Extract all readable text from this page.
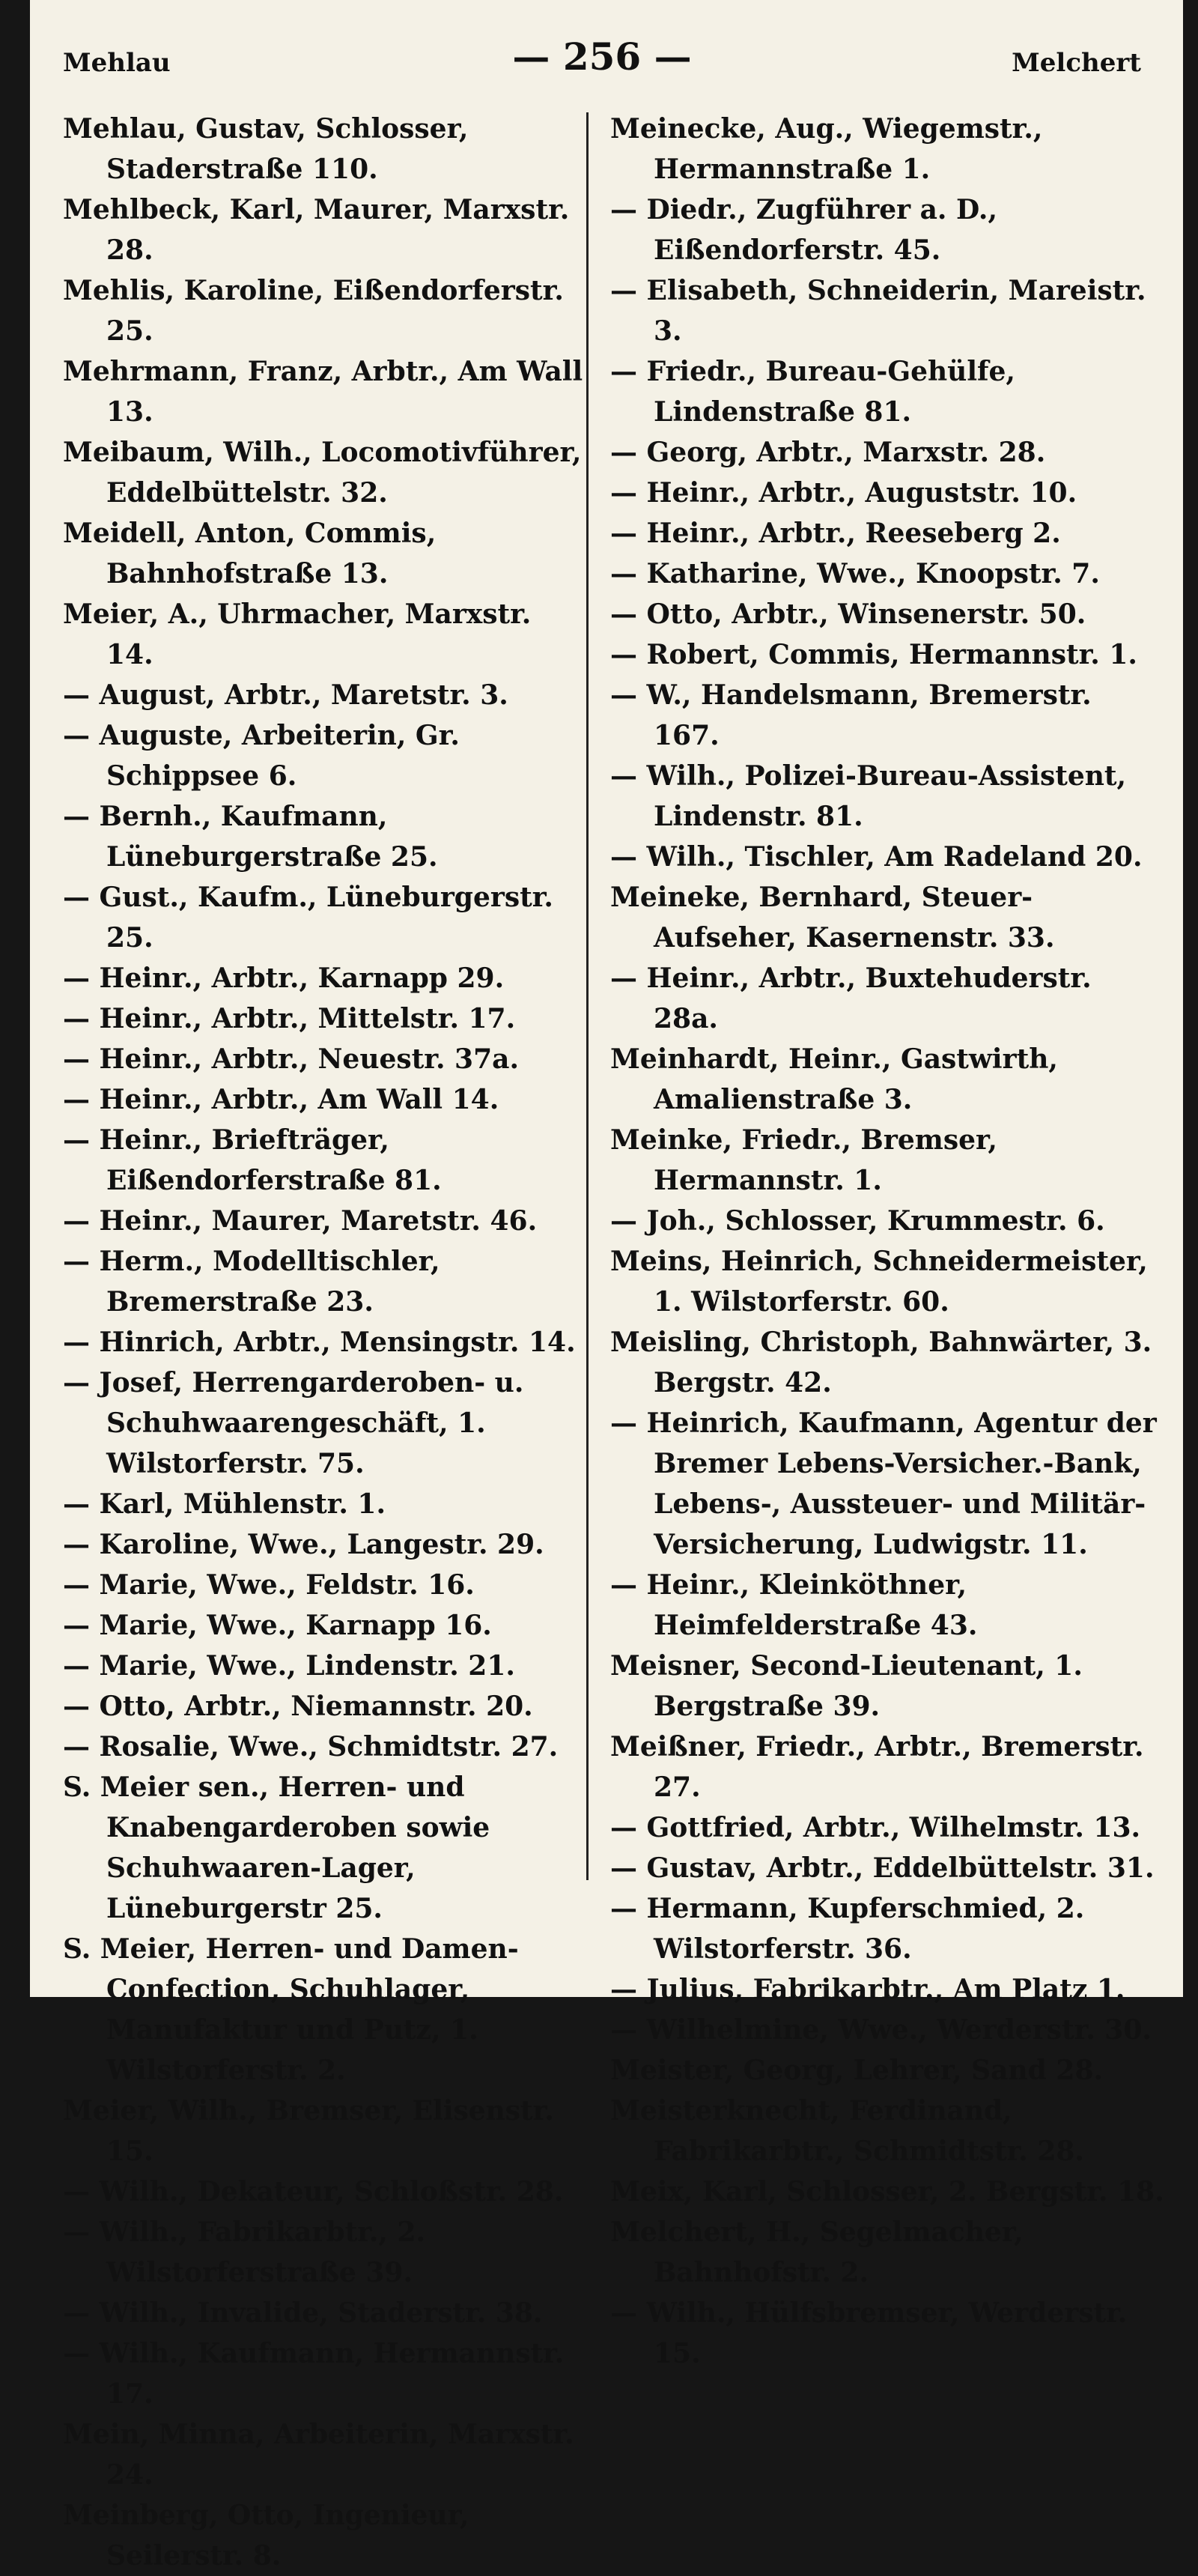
Mehlau	— 256 —	Melchert
Mehlau, Gustav, Schlosser, Staderstraße 110.
Mehlbeck, Karl, Maurer, Marxstr. 28.
Mehlis, Karoline, Eißendorferstr. 25.
Mehrmann, Franz, Arbtr., Am Wall 13.
Meibaum, Wilh., Locomotivführer, Eddelbüttelstr. 32.
Meidell, Anton, Commis, Bahnhofstraße 13.
Meier, A., Uhrmacher, Marxstr. 14.
— August, Arbtr., Maretstr. 3.
— Auguste, Arbeiterin, Gr. Schippsee 6.
— Bernh., Kaufmann, Lüneburgerstraße 25.
— Gust., Kaufm., Lüneburgerstr. 25.
— Heinr., Arbtr., Karnapp 29.
— Heinr., Arbtr., Mittelstr. 17.
— Heinr., Arbtr., Neuestr. 37a.
— Heinr., Arbtr., Am Wall 14.
— Heinr., Briefträger, Eißendorferstraße 81.
— Heinr., Maurer, Maretstr. 46.
— Herm., Modelltischler, Bremerstraße 23.
— Hinrich, Arbtr., Mensingstr. 14.
— Josef, Herrengarderoben- u. Schuhwaarengeschäft, 1. Wilstorferstr. 75.
— Karl, Mühlenstr. 1.
— Karoline, Wwe., Langestr. 29.
— Marie, Wwe., Feldstr. 16.
— Marie, Wwe., Karnapp 16.
— Marie, Wwe., Lindenstr. 21.
— Otto, Arbtr., Niemannstr. 20.
— Rosalie, Wwe., Schmidtstr. 27.
S. Meier sen., Herren- und Knabengarderoben sowie Schuhwaaren-Lager, Lüneburgerstr 25.
S. Meier, Herren- und Damen-Confection, Schuhlager, Manufaktur und Putz, 1. Wilstorferstr. 2.
Meier, Wilh., Bremser, Elisenstr. 15.
— Wilh., Dekateur, Schloßstr. 28.
— Wilh., Fabrikarbtr., 2. Wilstorferstraße 39.
— Wilh., Invalide, Staderstr. 38.
— Wilh., Kaufmann, Hermannstr. 17.
Mein, Minna, Arbeiterin, Marxstr. 24.
Meinberg, Otto, Ingenieur, Seilerstr. 8.
Meinecke, Aug., Wiegemstr., Hermannstraße 1.
— Diedr., Zugführer a. D., Eißendorferstr. 45.
— Elisabeth, Schneiderin, Mareistr. 3.
— Friedr., Bureau-Gehülfe, Lindenstraße 81.
— Georg, Arbtr., Marxstr. 28.
— Heinr., Arbtr., Auguststr. 10.
— Heinr., Arbtr., Reeseberg 2.
— Katharine, Wwe., Knoopstr. 7.
— Otto, Arbtr., Winsenerstr. 50.
— Robert, Commis, Hermannstr. 1.
— W., Handelsmann, Bremerstr. 167.
— Wilh., Polizei-Bureau-Assistent, Lindenstr. 81.
— Wilh., Tischler, Am Radeland 20.
Meineke, Bernhard, Steuer-Aufseher, Kasernenstr. 33.
— Heinr., Arbtr., Buxtehuderstr. 28a.
Meinhardt, Heinr., Gastwirth, Amalienstraße 3.
Meinke, Friedr., Bremser, Hermannstr. 1.
— Joh., Schlosser, Krummestr. 6.
Meins, Heinrich, Schneidermeister, 1. Wilstorferstr. 60.
Meisling, Christoph, Bahnwärter, 3. Bergstr. 42.
— Heinrich, Kaufmann, Agentur der Bremer Lebens-Versicher.-Bank, Lebens-, Aussteuer- und Militär-Versicherung, Ludwigstr. 11.
— Heinr., Kleinköthner, Heimfelderstraße 43.
Meisner, Second-Lieutenant, 1. Bergstraße 39.
Meißner, Friedr., Arbtr., Bremerstr. 27.
— Gottfried, Arbtr., Wilhelmstr. 13.
— Gustav, Arbtr., Eddelbüttelstr. 31.
— Hermann, Kupferschmied, 2. Wilstorferstr. 36.
— Julius, Fabrikarbtr., Am Platz 1.
— Wilhelmine, Wwe., Werderstr. 30.
Meister, Georg, Lehrer, Sand 28.
Meisterknecht, Ferdinand, Fabrikarbtr., Schmidtstr. 28.
Meix, Karl, Schlosser, 2. Bergstr. 18.
Melchert, H., Segelmacher, Bahnhofstr. 2.
— Wilh., Hülfsbremser, Werderstr. 15.
